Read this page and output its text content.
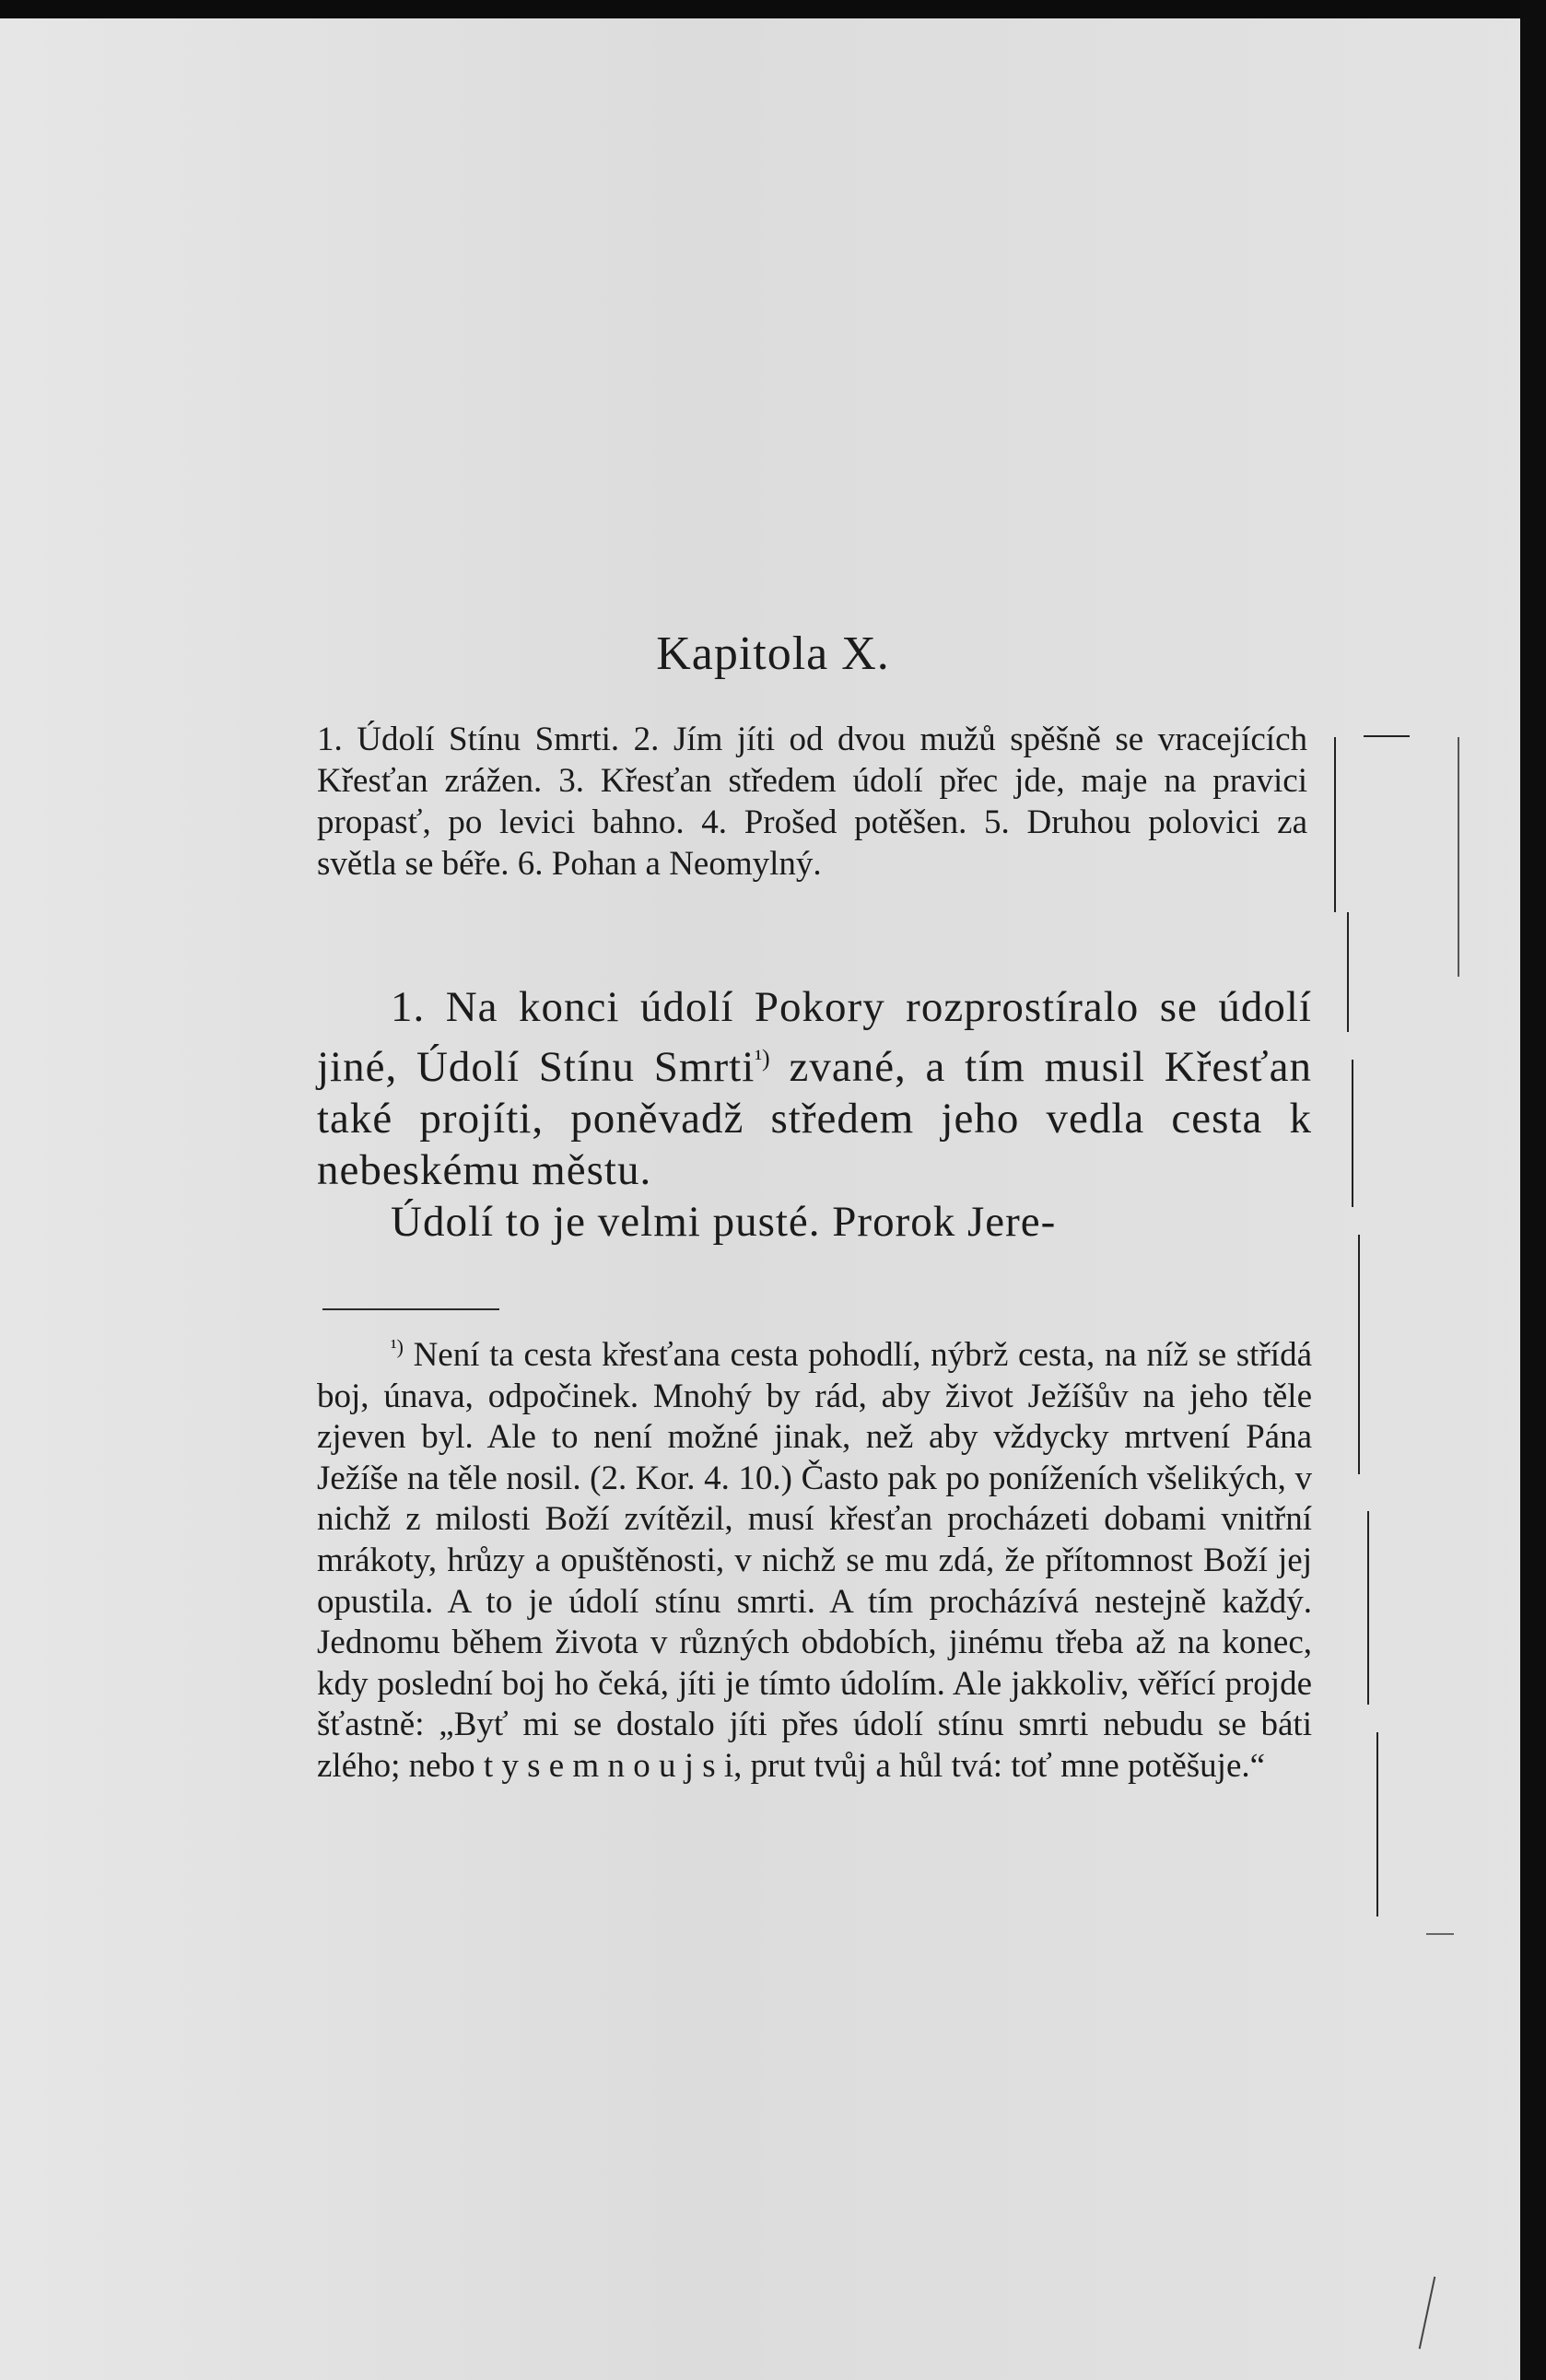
Kapitola X.

1. Údolí Stínu Smrti. 2. Jím jíti od dvou mužů spěšně se vracejících Křesťan zrážen. 3. Křesťan středem údolí přec jde, maje na pravici propasť, po levici bahno. 4. Prošed potěšen. 5. Druhou polovici za světla se béře. 6. Pohan a Neomylný.

1. Na konci údolí Pokory rozprostíralo se údolí jiné, Údolí Stínu Smrti$^{^1)}$ zvané, a tím musil Křesťan také projíti, poněvadž středem jeho vedla cesta k nebeskému městu.

Údolí to je velmi pusté. Prorok Jere-

$^{^1)}$ Není ta cesta křesťana cesta pohodlí, nýbrž cesta, na níž se střídá boj, únava, odpočinek. Mnohý by rád, aby život Ježíšův na jeho těle zjeven byl. Ale to není možné jinak, než aby vždycky mrtvení Pána Ježíše na těle nosil. (2. Kor. 4. 10.) Často pak po poníženích všelikých, v nichž z milosti Boží zvítězil, musí křesťan procházeti dobami vnitřní mrákoty, hrůzy a opuštěnosti, v nichž se mu zdá, že přítomnost Boží jej opustila. A to je údolí stínu smrti. A tím procházívá nestejně každý. Jednomu během života v různých obdobích, jinému třeba až na konec, kdy poslední boj ho čeká, jíti je tímto údolím. Ale jakkoliv, věřící projde šťastně: „Byť mi se dostalo jíti přes údolí stínu smrti nebudu se báti zlého; nebo t y s e m n o u j s i, prut tvůj a hůl tvá: toť mne potěšuje.“
